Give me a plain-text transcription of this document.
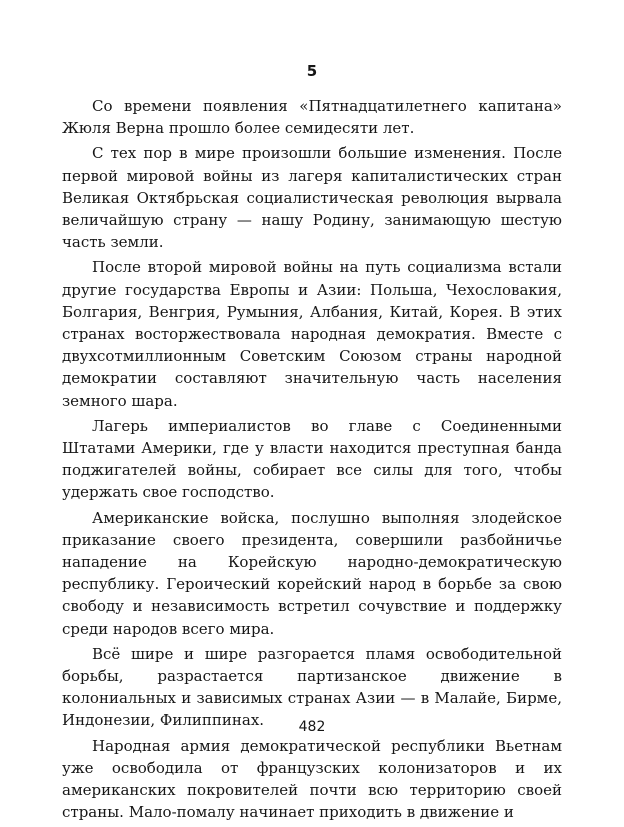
5

Со времени появления «Пятнадцатилетнего капитана» Жюля Верна прошло более семидесяти лет.

С тех пор в мире произошли большие изменения. После первой мировой войны из лагеря капиталистических стран Великая Октябрьская социалистическая революция вырвала величайшую страну — нашу Родину, занимающую шестую часть земли.

После второй мировой войны на путь социализма встали другие государства Европы и Азии: Польша, Чехословакия, Болгария, Венгрия, Румыния, Албания, Китай, Корея. В этих странах восторжествовала народная демократия. Вместе с двухсотмиллионным Советским Союзом страны народной демократии составляют значительную часть населения земного шара.

Лагерь империалистов во главе с Соединенными Штатами Америки, где у власти находится преступная банда поджигателей войны, собирает все силы для того, чтобы удержать свое господство.

Американские войска, послушно выполняя злодейское приказание своего президента, совершили разбойничье нападение на Корейскую народно-демократическую республику. Героический корейский народ в борьбе за свою свободу и независимость встретил сочувствие и поддержку среди народов всего мира.

Всё шире и шире разгорается пламя освободительной борьбы, разрастается партизанское движение в колониальных и зависимых странах Азии — в Малайе, Бирме, Индонезии, Филиппинах.

Народная армия демократической республики Вьетнам уже освободила от французских колонизаторов и их американских покровителей почти всю территорию своей страны. Мало-помалу начинает приходить в движение и

482
